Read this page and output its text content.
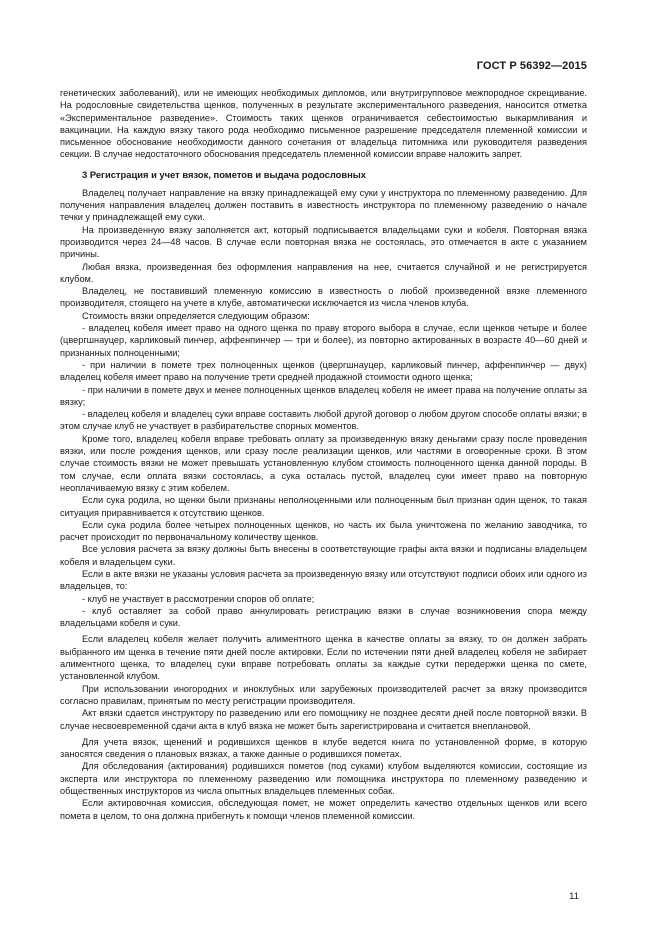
ГОСТ Р 56392—2015

генетических заболеваний), или не имеющих необходимых дипломов, или внутригрупповое межпородное скрещивание. На родословные свидетельства щенков, полученных в результате экспериментального разведения, наносится отметка «Экспериментальное разведение». Стоимость таких щенков ограничивается себестоимостью выкармливания и вакцинации. На каждую вязку такого рода необходимо письменное разрешение председателя племенной комиссии и письменное обоснование необходимости данного сочетания от владельца питомника или руководителя разведения секции. В случае недостаточного обоснования председатель племенной комиссии вправе наложить запрет.

3 Регистрация и учет вязок, пометов и выдача родословных

Владелец получает направление на вязку принадлежащей ему суки у инструктора по племенному разведению. Для получения направления владелец должен поставить в известность инструктора по племенному разведению о начале течки у принадлежащей ему суки.

На произведенную вязку заполняется акт, который подписывается владельцами суки и кобеля. Повторная вязка производится через 24—48 часов. В случае если повторная вязка не состоялась, это отмечается в акте с указанием причины.

Любая вязка, произведенная без оформления направления на нее, считается случайной и не регистрируется клубом.

Владелец, не поставивший племенную комиссию в известность о любой произведенной вязке племенного производителя, стоящего на учете в клубе, автоматически исключается из числа членов клуба.

Стоимость вязки определяется следующим образом:

- владелец кобеля имеет право на одного щенка по праву второго выбора в случае, если щенков четыре и более (цвергшнауцер, карликовый пинчер, аффенпинчер — три и более), из повторно актированных в возрасте 40—60 дней и признанных полноценными;

- при наличии в помете трех полноценных щенков (цвергшнауцер, карликовый пинчер, аффенпинчер — двух) владелец кобеля имеет право на получение трети средней продажной стоимости одного щенка;

- при наличии в помете двух и менее полноценных щенков владелец кобеля не имеет права на получение оплаты за вязку;

- владелец кобеля и владелец суки вправе составить любой другой договор о любом другом способе оплаты вязки; в этом случае клуб не участвует в разбирательстве спорных моментов.

Кроме того, владелец кобеля вправе требовать оплату за произведенную вязку деньгами сразу после проведения вязки, или после рождения щенков, или сразу после реализации щенков, или частями в оговоренные сроки. В этом случае стоимость вязки не может превышать установленную клубом стоимость полноценного щенка данной породы. В том случае, если оплата вязки состоялась, а сука осталась пустой, владелец суки имеет право на повторную неоплачиваемую вязку с этим кобелем.

Если сука родила, но щенки были признаны неполноценными или полноценным был признан один щенок, то такая ситуация приравнивается к отсутствию щенков.

Если сука родила более четырех полноценных щенков, но часть их была уничтожена по желанию заводчика, то расчет происходит по первоначальному количеству щенков.

Все условия расчета за вязку должны быть внесены в соответствующие графы акта вязки и подписаны владельцем кобеля и владельцем суки.

Если в акте вязки не указаны условия расчета за произведенную вязку или отсутствуют подписи обоих или одного из владельцев, то:

- клуб не участвует в рассмотрении споров об оплате;

- клуб оставляет за собой право аннулировать регистрацию вязки в случае возникновения спора между владельцами кобеля и суки.

Если владелец кобеля желает получить алиментного щенка в качестве оплаты за вязку, то он должен забрать выбранного им щенка в течение пяти дней после актировки. Если по истечении пяти дней владелец кобеля не забирает алиментного щенка, то владелец суки вправе потребовать оплаты за каждые сутки передержки щенка по смете, установленной клубом.

При использовании иногородних и иноклубных или зарубежных производителей расчет за вязку производится согласно правилам, принятым по месту регистрации производителя.

Акт вязки сдается инструктору по разведению или его помощнику не позднее десяти дней после повторной вязки. В случае несвоевременной сдачи акта в клуб вязка не может быть зарегистрирована и считается внеплановой.

Для учета вязок, щенений и родившихся щенков в клубе ведется книга по установленной форме, в которую заносятся сведения о плановых вязках, а также данные о родившихся пометах.

Для обследования (актирования) родившихся пометов (под суками) клубом выделяются комиссии, состоящие из эксперта или инструктора по племенному разведению или помощника инструктора по племенному разведению и общественных инструкторов из числа опытных владельцев племенных собак.

Если актировочная комиссия, обследующая помет, не может определить качество отдельных щенков или всего помета в целом, то она должна прибегнуть к помощи членов племенной комиссии.

11
